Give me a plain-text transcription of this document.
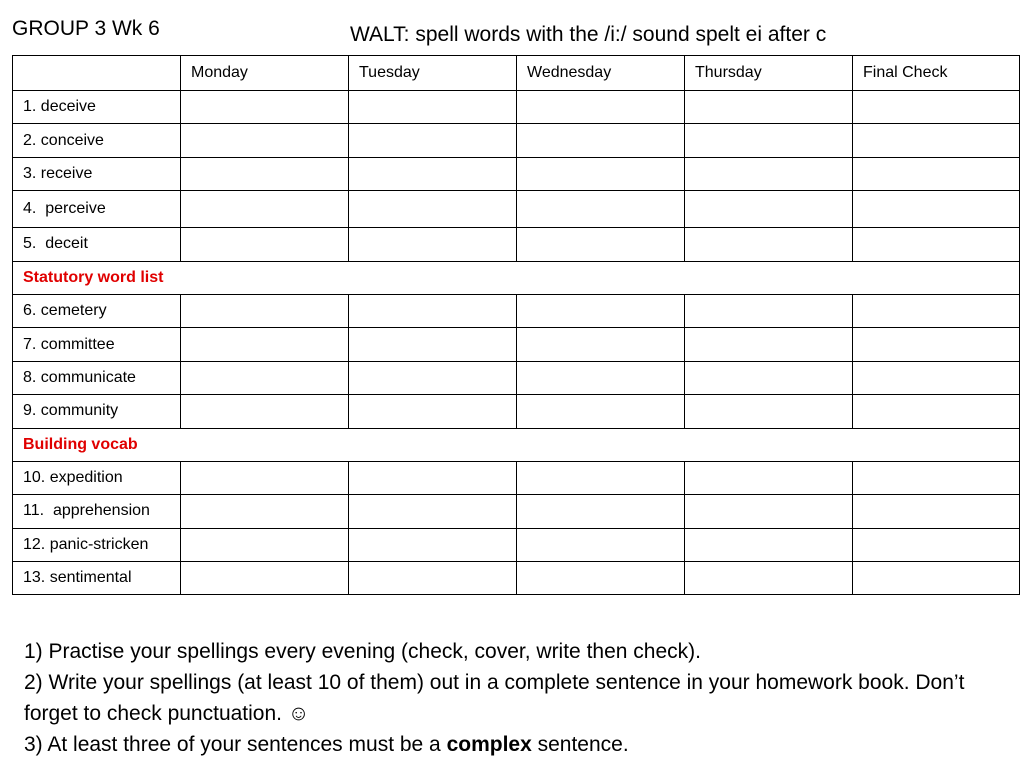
GROUP 3 Wk 6	WALT: spell words with the /i:/ sound spelt ei after c
	Monday	Tuesday	Wednesday	Thursday	Final Check
1. deceive					
2. conceive					
3. receive					
4.  perceive					
5.  deceit					
Statutory word list					
6. cemetery					
7. committee					
8. communicate					
9. community					
Building vocab					
10. expedition					
11.  apprehension					
12. panic-stricken					
13. sentimental					

1) Practise your spellings every evening (check, cover, write then check).

2) Write your spellings (at least 10 of them) out in a complete sentence in your homework book. Don’t forget to check punctuation. ☺

3) At least three of your sentences must be a complex sentence.
